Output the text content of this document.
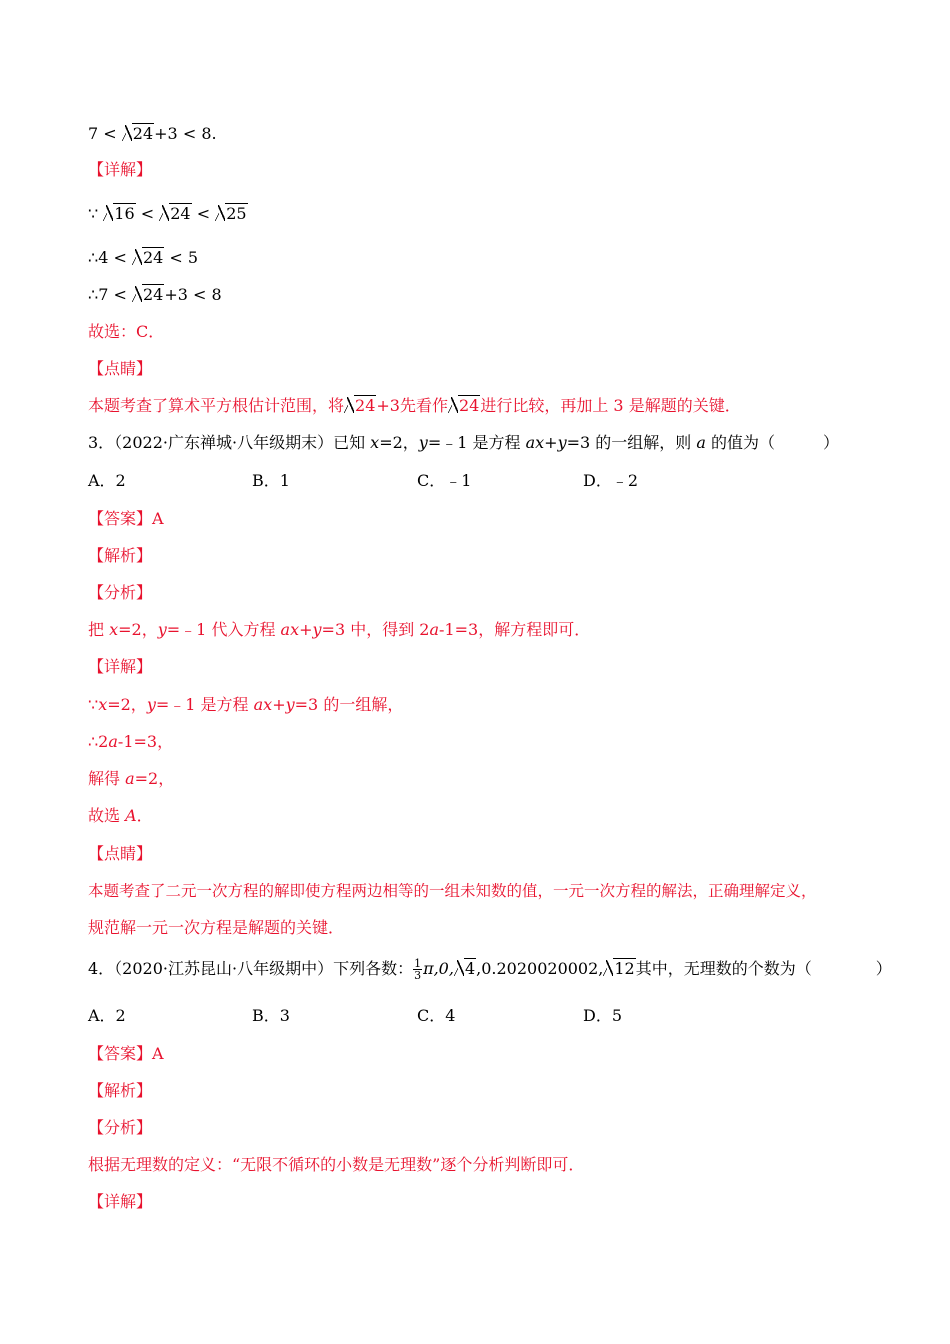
7 < 24+3 < 8.
【详解】
∵ 16 < 24 < 25
∴4 < 24 < 5
∴7 < 24+3 < 8
故选：C．
【点睛】
本题考查了算术平方根估计范围，将 24+3先看作 24进行比较，再加上 3 是解题的关键．
3．（2022·广东禅城·八年级期末）已知 x=2，y=﹣1 是方程 ax+y=3 的一组解，则 a 的值为（　　　）
A．2	B．1	C．﹣1	D．﹣2
【答案】A
【解析】
【分析】
把 x=2，y=﹣1 代入方程 ax+y=3 中，得到 2a-1=3，解方程即可．
【详解】
∵x=2，y=﹣1 是方程 ax+y=3 的一组解，
∴2a-1=3，
解得 a=2，
故选 A．
【点睛】
本题考查了二元一次方程的解即使方程两边相等的一组未知数的值，一元一次方程的解法，正确理解定义，
规范解一元一次方程是解题的关键．
4．（2020·江苏昆山·八年级期中）下列各数： $\frac{1}{3} \pi,0$, 4,0.2020020002, 12其中，无理数的个数为（　　　　）
A．2	B．3	C．4	D．5
【答案】A
【解析】
【分析】
根据无理数的定义：“无限不循环的小数是无理数”逐个分析判断即可．
【详解】
